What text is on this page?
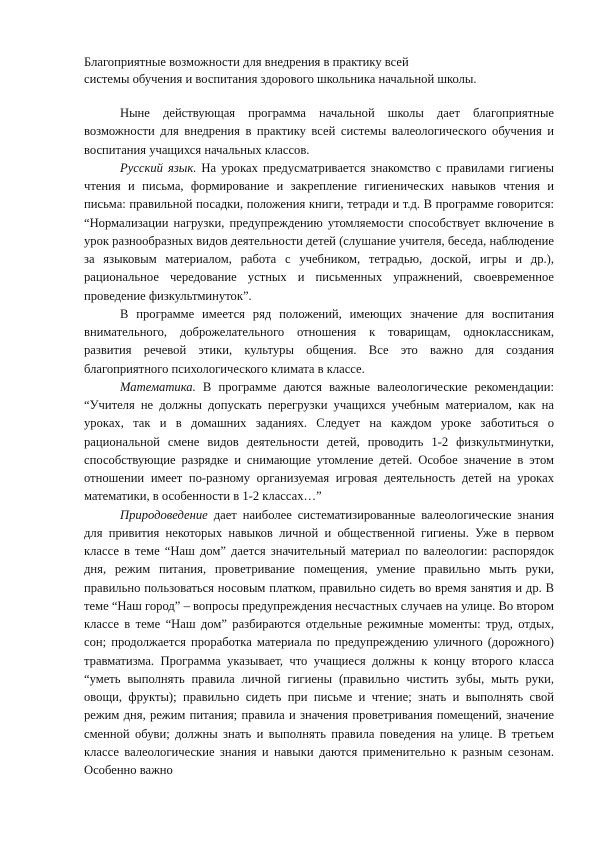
Благоприятные возможности для внедрения в практику всей
системы обучения и воспитания здорового школьника начальной школы.

Ныне действующая программа начальной школы дает благоприятные возможности для внедрения в практику всей системы валеологического обучения и воспитания учащихся начальных классов.

Русский язык. На уроках предусматривается знакомство с правилами гигиены чтения и письма, формирование и закрепление гигиенических навыков чтения и письма: правильной посадки, положения книги, тетради и т.д. В программе говорится: “Нормализации нагрузки, предупреждению утомляемости способствует включение в урок разнообразных видов деятельности детей (слушание учителя, беседа, наблюдение за языковым материалом, работа с учебником, тетрадью, доской, игры и др.), рациональное чередование устных и письменных упражнений, своевременное проведение физкультминуток”.

В программе имеется ряд положений, имеющих значение для воспитания внимательного, доброжелательного отношения к товарищам, одноклассникам, развития речевой этики, культуры общения. Все это важно для создания благоприятного психологического климата в классе.

Математика. В программе даются важные валеологические рекомендации: “Учителя не должны допускать перегрузки учащихся учебным материалом, как на уроках, так и в домашних заданиях. Следует на каждом уроке заботиться о рациональной смене видов деятельности детей, проводить 1-2 физкультминутки, способствующие разрядке и снимающие утомление детей. Особое значение в этом отношении имеет по-разному организуемая игровая деятельность детей на уроках математики, в особенности в 1-2 классах…”

Природоведение дает наиболее систематизированные валеологические знания для привития некоторых навыков личной и общественной гигиены. Уже в первом классе в теме “Наш дом” дается значительный материал по валеологии: распорядок дня, режим питания, проветривание помещения, умение правильно мыть руки, правильно пользоваться носовым платком, правильно сидеть во время занятия и др. В теме “Наш город” – вопросы предупреждения несчастных случаев на улице. Во втором классе в теме “Наш дом” разбираются отдельные режимные моменты: труд, отдых, сон; продолжается проработка материала по предупреждению уличного (дорожного) травматизма. Программа указывает, что учащиеся должны к концу второго класса “уметь выполнять правила личной гигиены (правильно чистить зубы, мыть руки, овощи, фрукты); правильно сидеть при письме и чтение; знать и выполнять свой режим дня, режим питания; правила и значения проветривания помещений, значение сменной обуви; должны знать и выполнять правила поведения на улице. В третьем классе валеологические знания и навыки даются применительно к разным сезонам. Особенно важно
